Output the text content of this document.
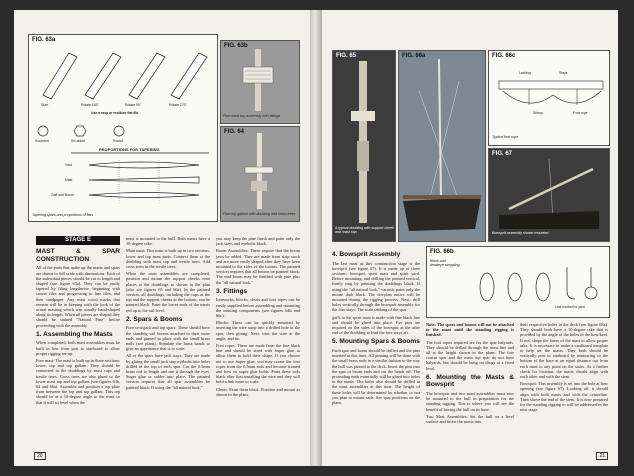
FIG. 63a
Start	Rotate 180°	Rotate 90°	Rotate 270°
Use a rasp or medium flat file
Rounded	Six-sided	Round
PROPORTIONS FOR TAPERING
Yard
Mast
Gaff and Boom
Tapering spars and proportions of flats
FIG. 63b
Fore mast top assembly with fittings
FIG. 64
Fore top gallant with doubling and cross trees
STAGE E
MAST & SPAR CONSTRUCTION

All of the parts that make up the masts and spars are drawn to full scale with dimensions. Each of the individual pieces should be cut to length and shaped (see figure 63a). They can be easily tapered by filing lengthwise, beginning with coarse files and progressing to fine files, and then sandpaper. Any mast wood marks that remain will be in keeping with the look of the actual masting which was usually hand-shaped along its length. When all pieces are shaped they should be stained "Natural Pine" before proceeding with the assembly.

1. Assembling the Masts

When completed, both mast assemblies must be built in line from port to starboard to allow proper rigging set-up.

Fore mast: The mast is built up in three sections: lower, top and top gallant. They should be connected in the doublings by mast caps and trestle trees. Cross trees are also glued to the lower mast top and top gallant (see figures 63b, 64 and 66a). Assemble and position a top plate from between the top and top gallant. This top should be at a 10-degree angle to the mast so that it will sit level when the

mast is mounted to the hull. Both masts have a 10-degree rake.

Main mast: This mast is built up in two sections: lower and top mast parts. Connect them at the doubling with mast cap and trestle trees. Add cross trees in the trestle trees.

When the mast assemblies are completed, position and mount the support cheeks onto places at the doublings as shown in the plan (also see figures 65 and 66a). In the painted version, all doublings, including the caps at the top and the support cheeks at the bottom, can be painted black. Paint the lower ends of the masts red up to the rail level.

2. Spars & Booms

Fore crossjack and top spars: These should have the standing sail booms attached to their outer ends and pinned in place with the small brass nails (see plans). Simulate the brass bands to give an appearance that is to scale.

All of the spars have jack stays: They are made by gluing the small jack stay eyebolts into holes drilled in the top of each spar. Cut the 0.5mm brass rod to length and run it through the eyes. Sugar glue or solder into place. The painted version requires that all spar assemblies be painted black. If using the "all natural look,"

you may keep the pine finish and paint only the jack stays and eyebolts black.

Boom Assemblies: These require that the boom jaws be added. They are made from strip stock and are more easily shaped after they have been mounted to the sides of the booms. The painted version requires that all booms be painted black. The mid boom may be finished with pine plus the "all natural look."

3. Fittings

Ironworks, blocks, cleats and foot ropes can be easily supplied before assembling and mounting the masting components (see figures 64b and 66c).

Blocks: These can be quickly mounted by inserting the wire strop into a drilled hole in the spar, then gluing. Next, trim the wire at the angle, and tie.

Foot ropes: These are made from the fine black line and should be sized with Super glue to allow them to hold their shape. If you choose not to use Super glue, you may create the foot ropes from the 0.5mm rods and become framed and how its super glue holds. Paint these rods black after first installing the wire and they will hold a link more to scale.

Cleats: Paint them black. Position and mount as shown in the plans.

20
FIG. 65
A typical doubling with support cheek and mast cap
FIG. 66a	FIG. 66c
Lashing	Stays
Stirrup	Foot rope
Typical foot rope
FIG. 67
Bowsprit assembly shown mounted
4. Bowsprit Assembly

The last mast of this construction stage is the bowsprit (see figure 67). It is made up of three sections: bowsprit, spirit mast and spirit yard. Before mounting, and drilling the pointed vertical, firmly ring by painting the doublings black. If using the "all natural look," varnish, paint only the mouse dark black. The dot-plan notice will be mounted during the rigging process. Next, drill holes vertically through the bowsprit assembly for the fore stays. The scale tabbing of the spar

gaffs to the spirit mast is made with fine black line and should be glued into place. Eye pins are required on the sides of the bowsprit at the after end of the doubling to lead the fore stays aft.

5. Mounting Spars & Booms

Each spar and boom should be drilled and the pins inserted at this time. All pinning will be done with the small brass nails in a similar fashion to the way the hull was pinned to the deck. Insert the pins into the spar or boom ends and cut the heads off. The protruding ends eventually will be glued into holes in the masts. The holes also should be drilled in the mast assemblies at this time. The height of these holes will be determined by whether or not you plan to mount sails. See spar positions on the plans.

FIG. 66b
Block and deadeye stropping
Line hooked to yard

Note: The spars and booms will not be attached to the mast until the standing rigging is finished.

The foot ropes required are for the spar halyards. They should be drilled through the mast line and all at the height shown in the plans. The fore course spar and the main top spar do not have halyards, but should be hung on slings at a fixed level.

6. Mounting the Masts & Bowsprit

The bowsprit and two mast assemblies must now be mounted to the hull in preparation for the standing rigging. This is where you will see the benefit of having the hull on its base.

Two Mast Assemblies: Set the hull on a level surface and insert the masts into

their respective holes in the deck (see figure 68a). They should both have a 10-degree rake that is provided by the angle of the holes in the bow/keel. If not, shape the bases of the mast to allow proper rake. It is necessary to make a cardboard template to help set the masts. They both should be vertically port to starboard by measuring to the bottom of the base at an equal distance out from each mast to any point on the stairs. As a further check for location, the masts should align with each other and with the stem.

Bowsprit: This assembly is set into the hole at bow opening (see figure 67). Looking aft, it should align with both masts and with the centerline. Then shove the end of the stem. It is now prepared for the standing rigging to will be addressed in the next stage.

21
